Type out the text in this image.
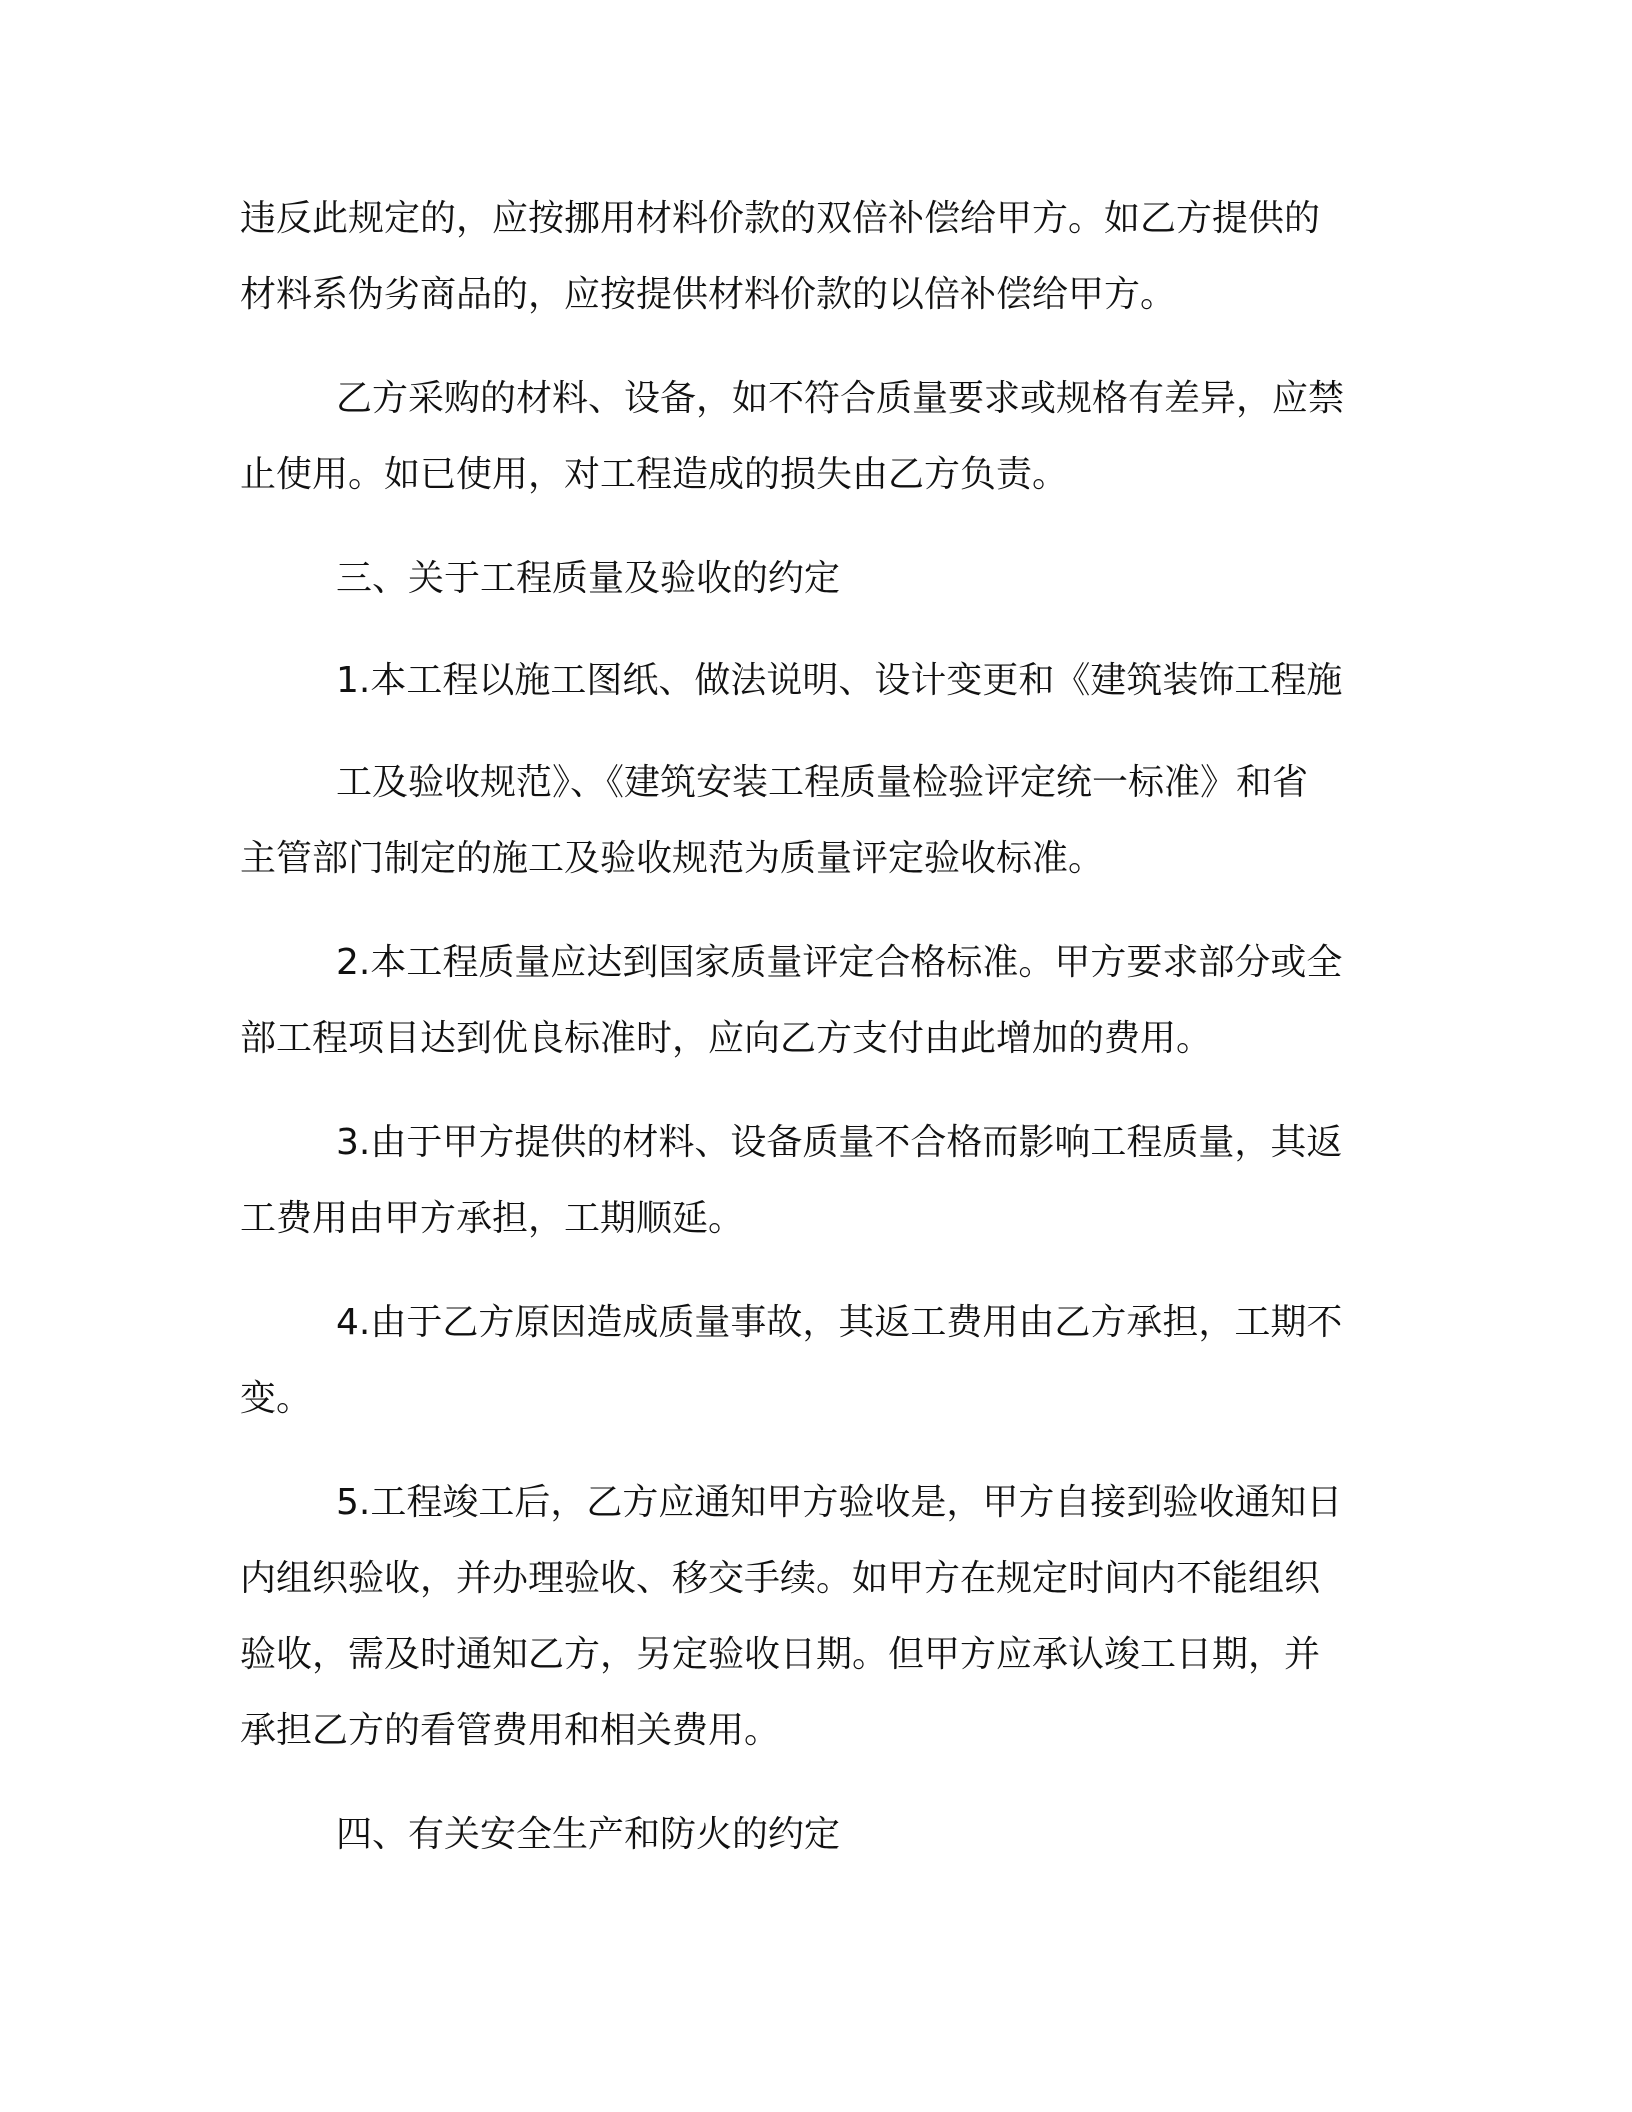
违反此规定的，应按挪用材料价款的双倍补偿给甲方。如乙方提供的

材料系伪劣商品的，应按提供材料价款的以倍补偿给甲方。

乙方采购的材料、设备，如不符合质量要求或规格有差异，应禁

止使用。如已使用，对工程造成的损失由乙方负责。

三、关于工程质量及验收的约定

1.本工程以施工图纸、做法说明、设计变更和《建筑装饰工程施

工及验收规范》、《建筑安装工程质量检验评定统一标准》和省

主管部门制定的施工及验收规范为质量评定验收标准。

2.本工程质量应达到国家质量评定合格标准。甲方要求部分或全

部工程项目达到优良标准时，应向乙方支付由此增加的费用。

3.由于甲方提供的材料、设备质量不合格而影响工程质量，其返

工费用由甲方承担，工期顺延。

4.由于乙方原因造成质量事故，其返工费用由乙方承担，工期不

变。

5.工程竣工后，乙方应通知甲方验收是，甲方自接到验收通知日

内组织验收，并办理验收、移交手续。如甲方在规定时间内不能组织

验收，需及时通知乙方，另定验收日期。但甲方应承认竣工日期，并

承担乙方的看管费用和相关费用。

四、有关安全生产和防火的约定
